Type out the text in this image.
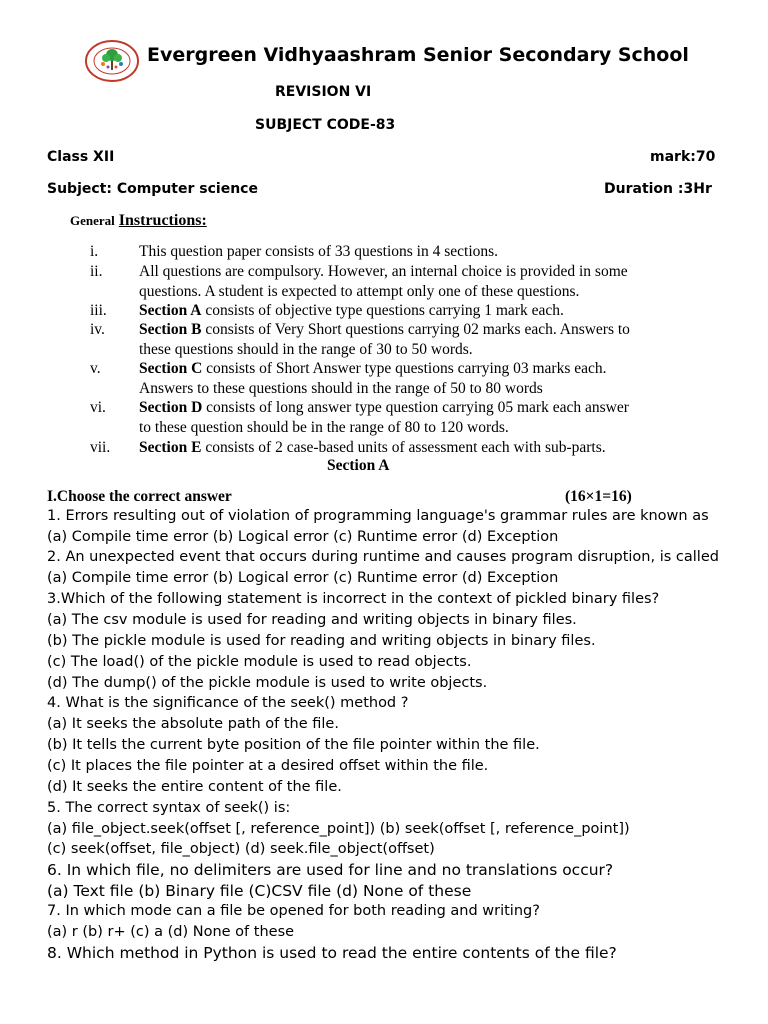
Evergreen Vidhyaashram Senior Secondary School
REVISION VI
SUBJECT CODE-83
Class XII	mark:70
Subject: Computer science	Duration :3Hr
General Instructions:
i.	This question paper consists of 33 questions in 4 sections.
ii.	All questions are compulsory. However, an internal choice is provided in some
questions. A student is expected to attempt only one of these questions.
iii.	Section A consists of objective type questions carrying 1 mark each.
iv.	Section B consists of Very Short questions carrying 02 marks each. Answers to
these questions should in the range of 30 to 50 words.
v.	Section C consists of Short Answer type questions carrying 03 marks each.
Answers to these questions should in the range of 50 to 80 words
vi.	Section D consists of long answer type question carrying 05 mark each answer
to these question should be in the range of 80 to 120 words.
vii.	Section E consists of 2 case-based units of assessment each with sub-parts.
Section A
I.Choose the correct answer	(16×1=16)
1. Errors resulting out of violation of programming language's grammar rules are known as
(a) Compile time error (b) Logical error (c) Runtime error (d) Exception
2. An unexpected event that occurs during runtime and causes program disruption, is called
(a) Compile time error (b) Logical error (c) Runtime error (d) Exception
3.Which of the following statement is incorrect in the context of pickled binary files?
(a) The csv module is used for reading and writing objects in binary files.
(b) The pickle module is used for reading and writing objects in binary files.
(c) The load() of the pickle module is used to read objects.
(d) The dump() of the pickle module is used to write objects.
4. What is the significance of the seek() method ?
(a) It seeks the absolute path of the file.
(b) It tells the current byte position of the file pointer within the file.
(c) It places the file pointer at a desired offset within the file.
(d) It seeks the entire content of the file.
5. The correct syntax of seek() is:
(a) file_object.seek(offset [, reference_point]) (b) seek(offset [, reference_point])
(c) seek(offset, file_object) (d) seek.file_object(offset)
6. In which file, no delimiters are used for line and no translations occur?
(a) Text file (b) Binary file (C)CSV file (d) None of these
7. In which mode can a file be opened for both reading and writing?
(a) r (b) r+ (c) a (d) None of these
8. Which method in Python is used to read the entire contents of the file?
